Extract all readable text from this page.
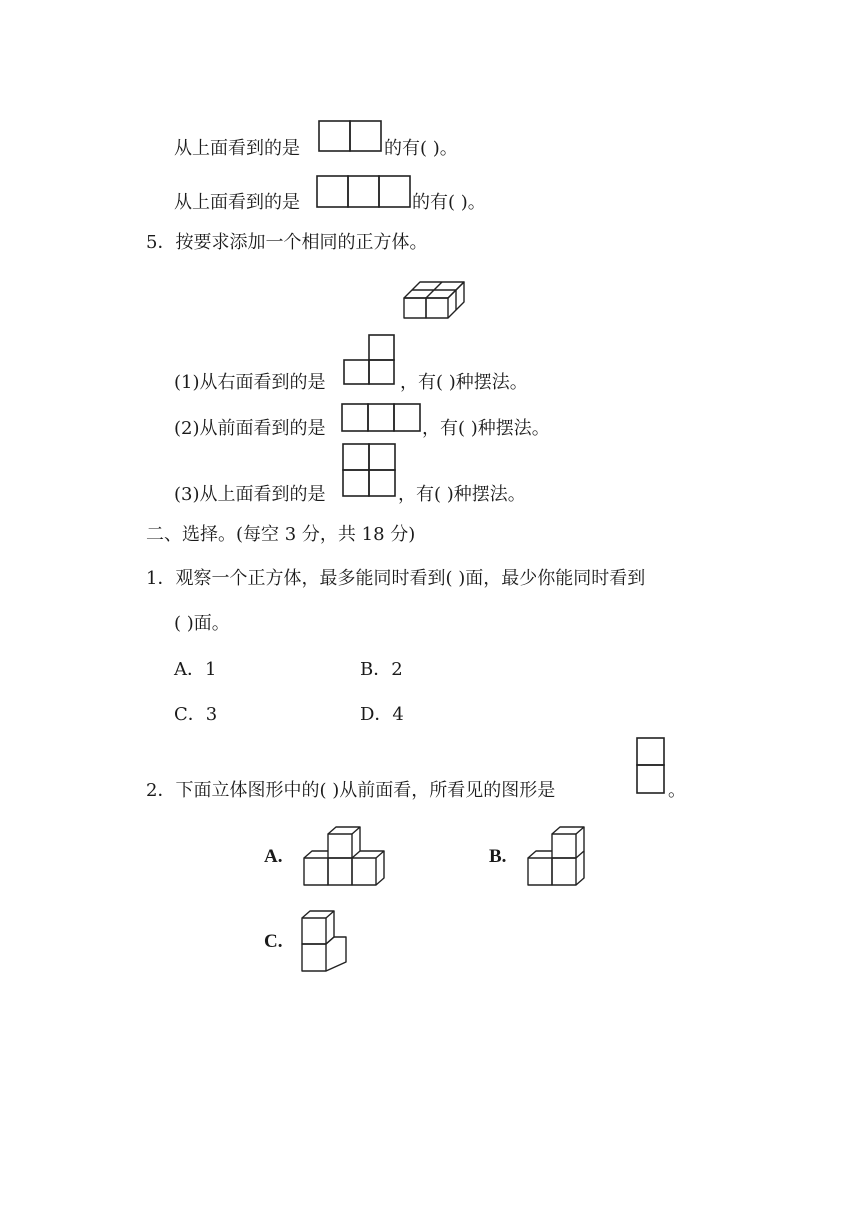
从上面看到的是	的有( )。
从上面看到的是	的有( )。
5．按要求添加一个相同的正方体。
(1)从右面看到的是	，有( )种摆法。
(2)从前面看到的是	，有( )种摆法。
(3)从上面看到的是	，有( )种摆法。
二、选择。(每空 3 分，共 18 分)
1．观察一个正方体，最多能同时看到( )面，最少你能同时看到
( )面。
A．1	B．2
C．3	D．4
2．下面立体图形中的( )从前面看，所看见的图形是	。
A.	B.
C.
